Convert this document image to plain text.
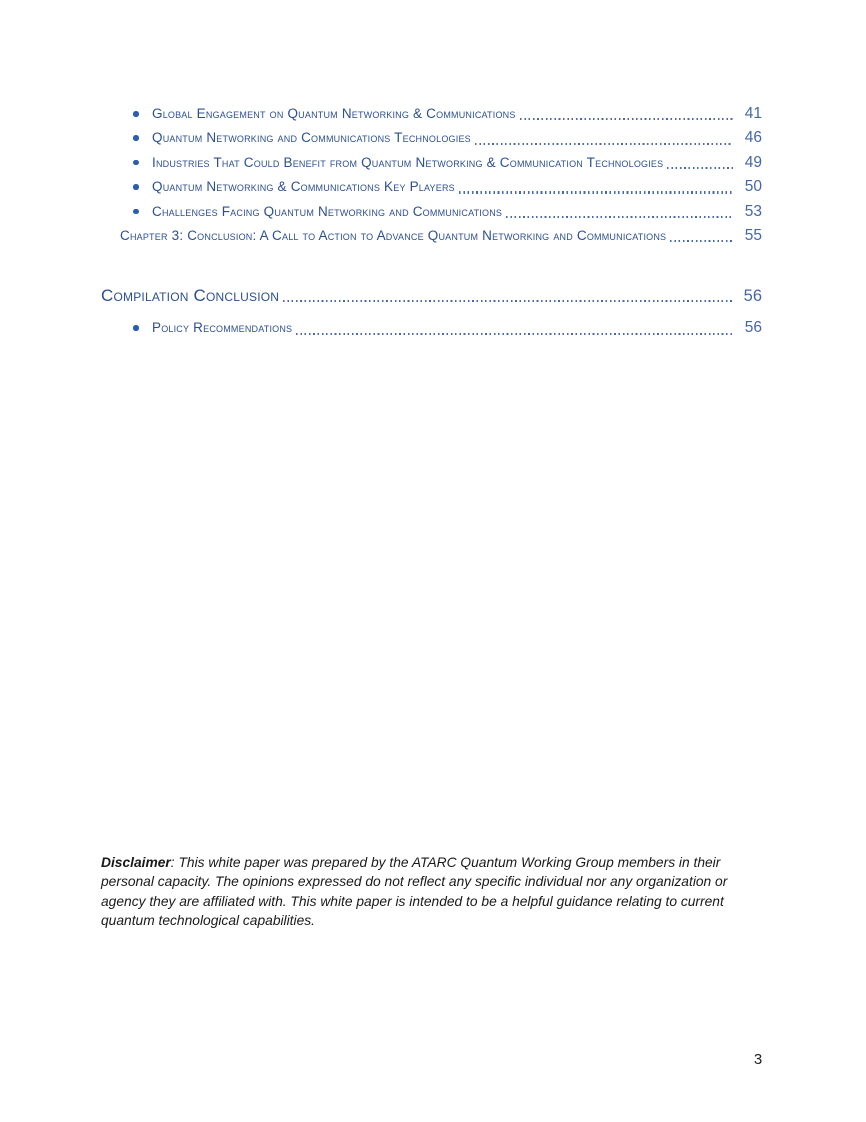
Global Engagement on Quantum Networking & Communications	41
Quantum Networking and Communications Technologies	46
Industries That Could Benefit from Quantum Networking & Communication Technologies	49
Quantum Networking & Communications Key Players	50
Challenges Facing Quantum Networking and Communications	53
Chapter 3: Conclusion: A Call to Action to Advance Quantum Networking and Communications	55
Compilation Conclusion	56
Policy Recommendations	56

Disclaimer: This white paper was prepared by the ATARC Quantum Working Group members in their personal capacity. The opinions expressed do not reflect any specific individual nor any organization or agency they are affiliated with. This white paper is intended to be a helpful guidance relating to current quantum technological capabilities.

3
